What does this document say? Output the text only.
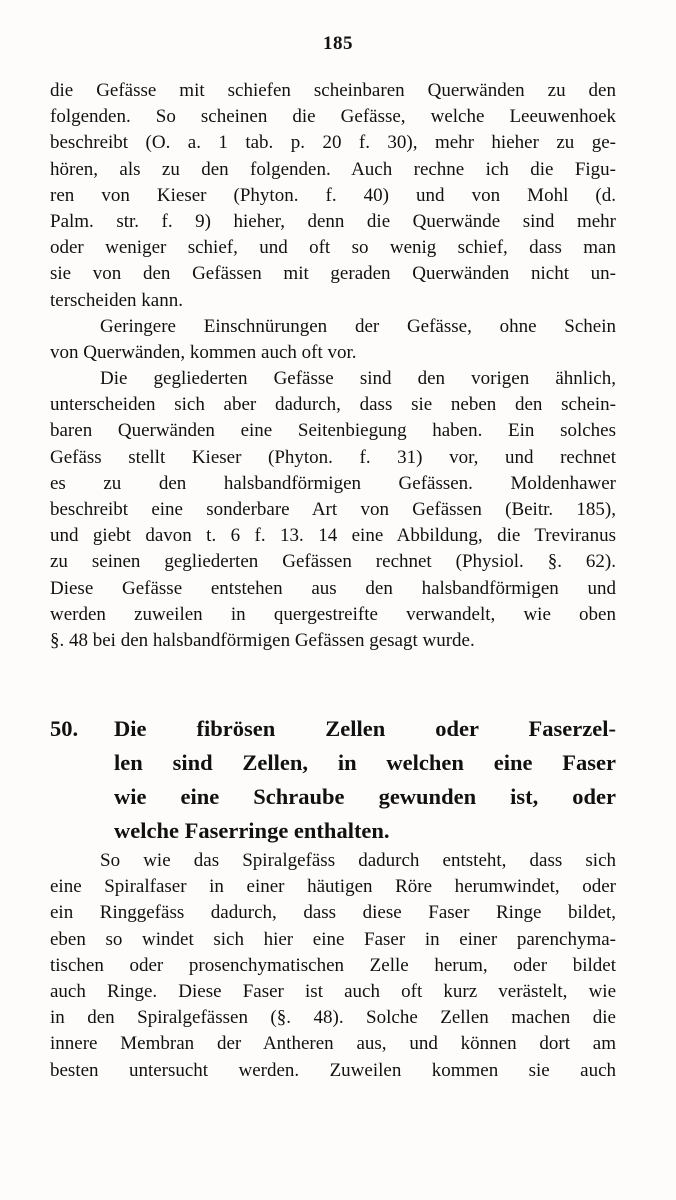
185
die Gefässe mit schiefen scheinbaren Querwänden zu den
folgenden. So scheinen die Gefässe, welche Leeuwenhoek
beschreibt (O. a. 1 tab. p. 20 f. 30), mehr hieher zu ge-
hören, als zu den folgenden. Auch rechne ich die Figu-
ren von Kieser (Phyton. f. 40) und von Mohl (d.
Palm. str. f. 9) hieher, denn die Querwände sind mehr
oder weniger schief, und oft so wenig schief, dass man
sie von den Gefässen mit geraden Querwänden nicht un-
terscheiden kann.
Geringere Einschnürungen der Gefässe, ohne Schein
von Querwänden, kommen auch oft vor.
Die gegliederten Gefässe sind den vorigen ähnlich,
unterscheiden sich aber dadurch, dass sie neben den schein-
baren Querwänden eine Seitenbiegung haben. Ein solches
Gefäss stellt Kieser (Phyton. f. 31) vor, und rechnet
es zu den halsbandförmigen Gefässen. Moldenhawer
beschreibt eine sonderbare Art von Gefässen (Beitr. 185),
und giebt davon t. 6 f. 13. 14 eine Abbildung, die Treviranus
zu seinen gegliederten Gefässen rechnet (Physiol. §. 62).
Diese Gefässe entstehen aus den halsbandförmigen und
werden zuweilen in quergestreifte verwandelt, wie oben
§. 48 bei den halsbandförmigen Gefässen gesagt wurde.
50. Die fibrösen Zellen oder Faserzel-
len sind Zellen, in welchen eine Faser
wie eine Schraube gewunden ist, oder
welche Faserringe enthalten.
So wie das Spiralgefäss dadurch entsteht, dass sich
eine Spiralfaser in einer häutigen Röre herumwindet, oder
ein Ringgefäss dadurch, dass diese Faser Ringe bildet,
eben so windet sich hier eine Faser in einer parenchyma-
tischen oder prosenchymatischen Zelle herum, oder bildet
auch Ringe. Diese Faser ist auch oft kurz verästelt, wie
in den Spiralgefässen (§. 48). Solche Zellen machen die
innere Membran der Antheren aus, und können dort am
besten untersucht werden. Zuweilen kommen sie auch
